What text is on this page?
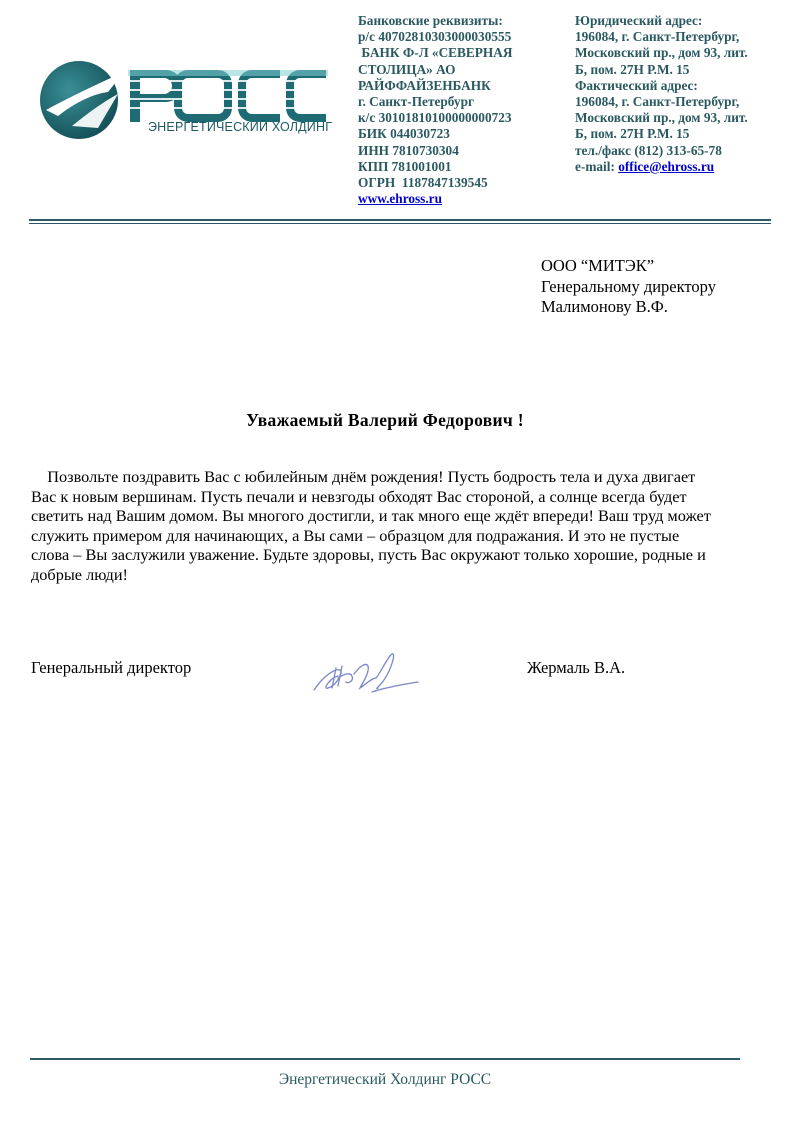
ЭНЕРГЕТИЧЕСКИЙ ХОЛДИНГ
Банковские реквизиты:
р/с 40702810303000030555
БАНК Ф-Л «СЕВЕРНАЯ
СТОЛИЦА» АО
РАЙФФАЙЗЕНБАНК
г. Санкт-Петербург
к/с 30101810100000000723
БИК 044030723
ИНН 7810730304
КПП 781001001
ОГРН  1187847139545
www.ehross.ru
Юридический адрес:
196084, г. Санкт-Петербург,
Московский пр., дом 93, лит.
Б, пом. 27Н Р.М. 15
Фактический адрес:
196084, г. Санкт-Петербург,
Московский пр., дом 93, лит.
Б, пом. 27Н Р.М. 15
тел./факс (812) 313-65-78
e-mail: office@ehross.ru
ООО “МИТЭК”
Генеральному директору
Малимонову В.Ф.
Уважаемый Валерий Федорович !
Позвольте поздравить Вас с юбилейным днём рождения! Пусть бодрость тела и духа двигает
Вас к новым вершинам. Пусть печали и невзгоды обходят Вас стороной, а солнце всегда будет
светить над Вашим домом. Вы многого достигли, и так много еще ждёт впереди! Ваш труд может
служить примером для начинающих, а Вы сами – образцом для подражания. И это не пустые
слова – Вы заслужили уважение. Будьте здоровы, пусть Вас окружают только хорошие, родные и
добрые люди!
Генеральный директор	Жермаль В.А.
Энергетический Холдинг РОСС
